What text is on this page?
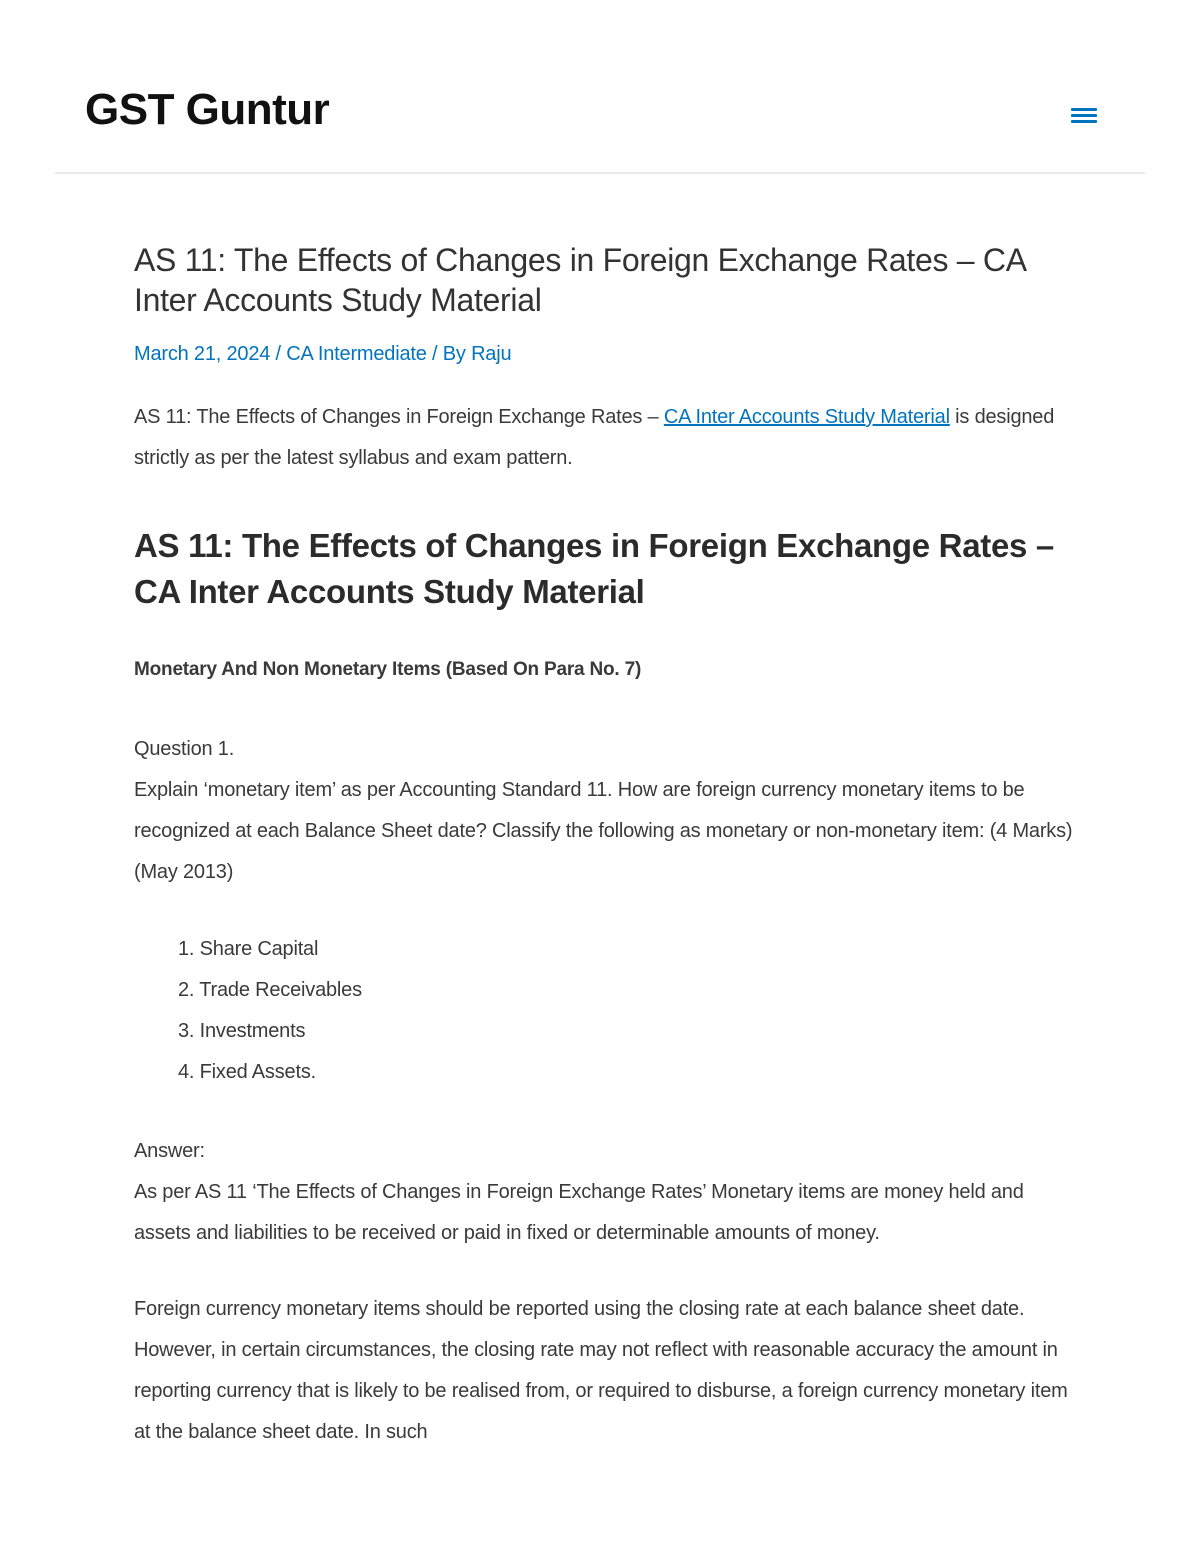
GST Guntur
AS 11: The Effects of Changes in Foreign Exchange Rates – CA Inter Accounts Study Material
March 21, 2024 / CA Intermediate / By Raju

AS 11: The Effects of Changes in Foreign Exchange Rates – CA Inter Accounts Study Material is designed strictly as per the latest syllabus and exam pattern.

AS 11: The Effects of Changes in Foreign Exchange Rates – CA Inter Accounts Study Material

Monetary And Non Monetary Items (Based On Para No. 7)

Question 1.

Explain ‘monetary item’ as per Accounting Standard 11. How are foreign currency monetary items to be recognized at each Balance Sheet date? Classify the following as monetary or non-monetary item: (4 Marks) (May 2013)

1. Share Capital
2. Trade Receivables
3. Investments
4. Fixed Assets.

Answer:

As per AS 11 ‘The Effects of Changes in Foreign Exchange Rates’ Monetary items are money held and assets and liabilities to be received or paid in fixed or determinable amounts of money.

Foreign currency monetary items should be reported using the closing rate at each balance sheet date. However, in certain circumstances, the closing rate may not reflect with reasonable accuracy the amount in reporting currency that is likely to be realised from, or required to disburse, a foreign currency monetary item at the balance sheet date. In such
